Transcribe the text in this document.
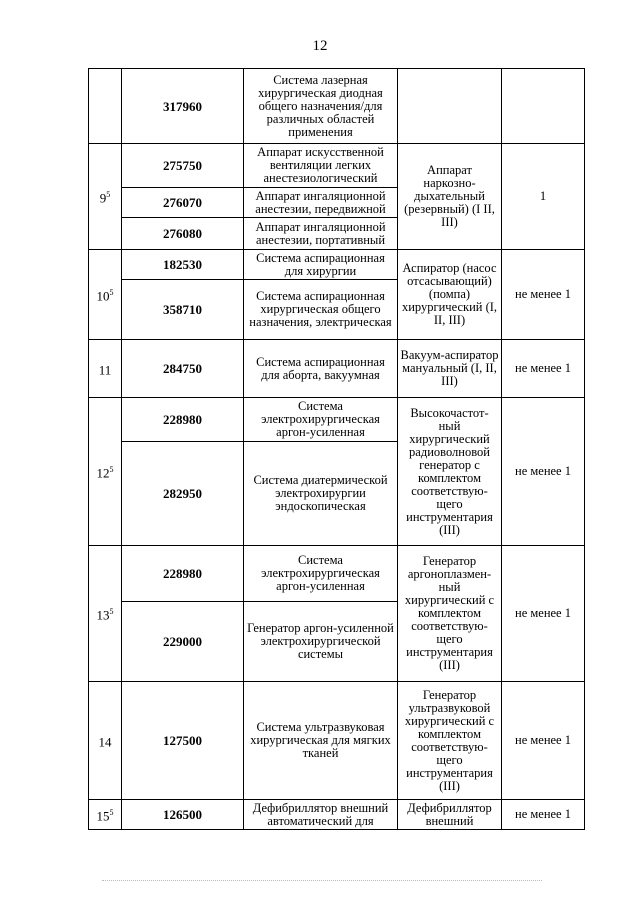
12
	317960	Система лазерная хирургическая диодная общего назначения/для различных областей применения		
$9^5$	275750	Аппарат искусственной вентиляции легких анестезиологический	Аппарат наркозно-дыхательный (резервный) (I II, III)	1
	276070	Аппарат ингаляционной анестезии, передвижной		
	276080	Аппарат ингаляционной анестезии, портативный		
$10^5$	182530	Система аспирационная для хирургии	Аспиратор (насос отсасывающий) (помпа) хирургический (I, II, III)	не менее 1
	358710	Система аспирационная хирургическая общего назначения, электрическая		
11	284750	Система аспирационная для аборта, вакуумная	Вакуум-аспиратор мануальный (I, II, III)	не менее 1
$12^5$	228980	Система электрохирургическая аргон-усиленная	Высокочастот-ный хирургический радиоволновой генератор с комплектом соответствую-щего инструментария (III)	не менее 1
	282950	Система диатермической электрохирургии эндоскопическая		
$13^5$	228980	Система электрохирургическая аргон-усиленная	Генератор аргоноплазмен-ный хирургический с комплектом соответствую-щего инструментария (III)	не менее 1
	229000	Генератор аргон-усиленной электрохирургической системы		
14	127500	Система ультразвуковая хирургическая для мягких тканей	Генератор ультразвуковой хирургический с комплектом соответствую-щего инструментария (III)	не менее 1
$15^5$	126500	Дефибриллятор внешний автоматический для	Дефибриллятор внешний	не менее 1
